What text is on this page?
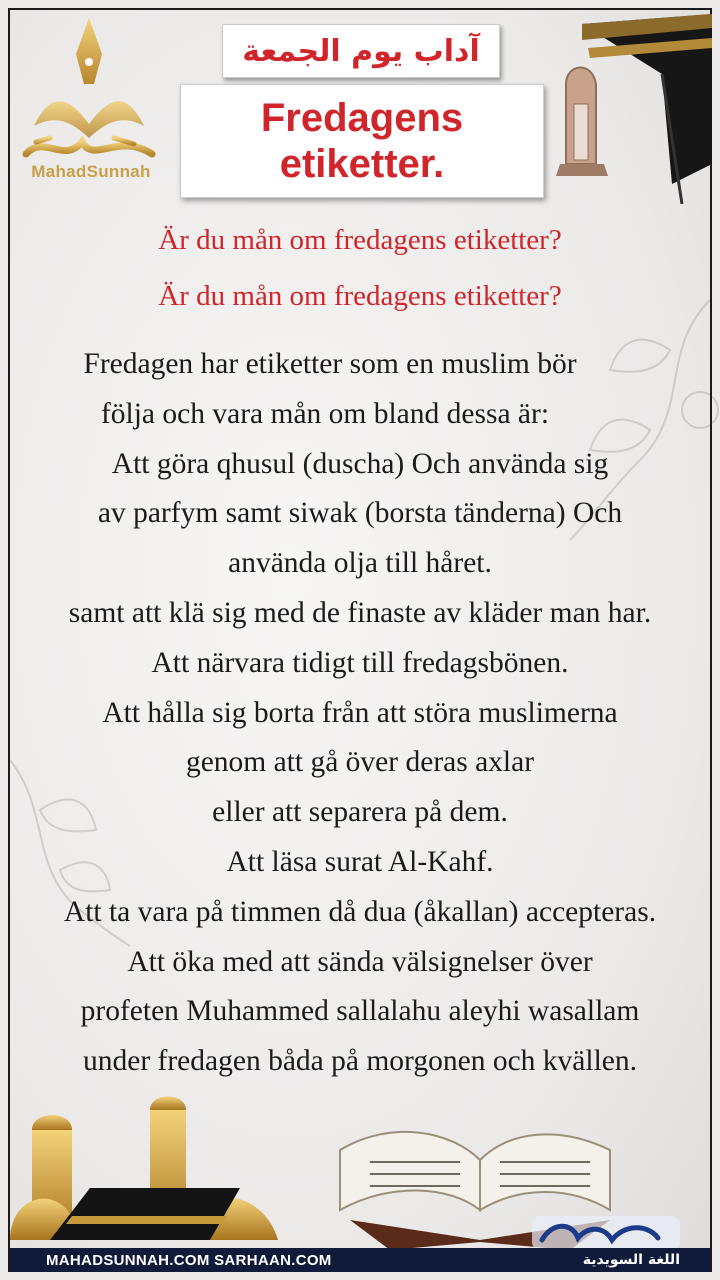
MahadSunnah
آداب يوم الجمعة
Fredagens
etiketter.
Är du mån om fredagens etiketter?
Är du mån om fredagens etiketter?
Fredagen har etiketter som en muslim bör
följa och vara mån om bland dessa är:
Att göra qhusul (duscha) Och använda sig
av parfym samt siwak (borsta tänderna) Och
använda olja till håret.
samt att klä sig med de finaste av kläder man har.
Att närvara tidigt till fredagsbönen.
Att hålla sig borta från att störa muslimerna
genom att gå över deras axlar
eller att separera på dem.
Att läsa surat Al-Kahf.
Att ta vara på timmen då dua (åkallan) accepteras.
Att öka med att sända välsignelser över
profeten Muhammed sallalahu aleyhi wasallam
under fredagen båda på morgonen och kvällen.
MAHADSUNNAH.COM SARHAAN.COM	اللغة السويدية
